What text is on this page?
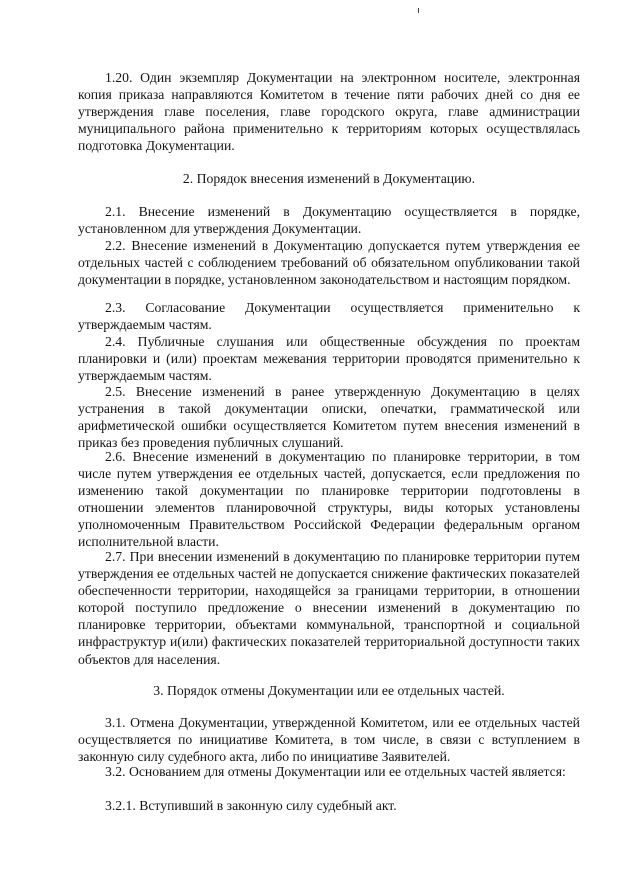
1.20. Один экземпляр Документации на электронном носителе, электронная копия приказа направляются Комитетом в течение пяти рабочих дней со дня ее утверждения главе поселения, главе городского округа, главе администрации муниципального района применительно к территориям которых осуществлялась подготовка Документации.

2. Порядок внесения изменений в Документацию.

2.1. Внесение изменений в Документацию осуществляется в порядке, установленном для утверждения Документации.

2.2. Внесение изменений в Документацию допускается путем утверждения ее отдельных частей с соблюдением требований об обязательном опубликовании такой документации в порядке, установленном законодательством и настоящим порядком.

2.3. Согласование Документации осуществляется применительно к утверждаемым частям.

2.4. Публичные слушания или общественные обсуждения по проектам планировки и (или) проектам межевания территории проводятся применительно к утверждаемым частям.

2.5. Внесение изменений в ранее утвержденную Документацию в целях устранения в такой документации описки, опечатки, грамматической или арифметической ошибки осуществляется Комитетом путем внесения изменений в приказ без проведения публичных слушаний.

2.6. Внесение изменений в документацию по планировке территории, в том числе путем утверждения ее отдельных частей, допускается, если предложения по изменению такой документации по планировке территории подготовлены в отношении элементов планировочной структуры, виды которых установлены уполномоченным Правительством Российской Федерации федеральным органом исполнительной власти.

2.7. При внесении изменений в документацию по планировке территории путем утверждения ее отдельных частей не допускается снижение фактических показателей обеспеченности территории, находящейся за границами территории, в отношении которой поступило предложение о внесении изменений в документацию по планировке территории, объектами коммунальной, транспортной и социальной инфраструктур и(или) фактических показателей территориальной доступности таких объектов для населения.

3. Порядок отмены Документации или ее отдельных частей.

3.1. Отмена Документации, утвержденной Комитетом, или ее отдельных частей осуществляется по инициативе Комитета, в том числе, в связи с вступлением в законную силу судебного акта, либо по инициативе Заявителей.

3.2. Основанием для отмены Документации или ее отдельных частей является:

3.2.1. Вступивший в законную силу судебный акт.
